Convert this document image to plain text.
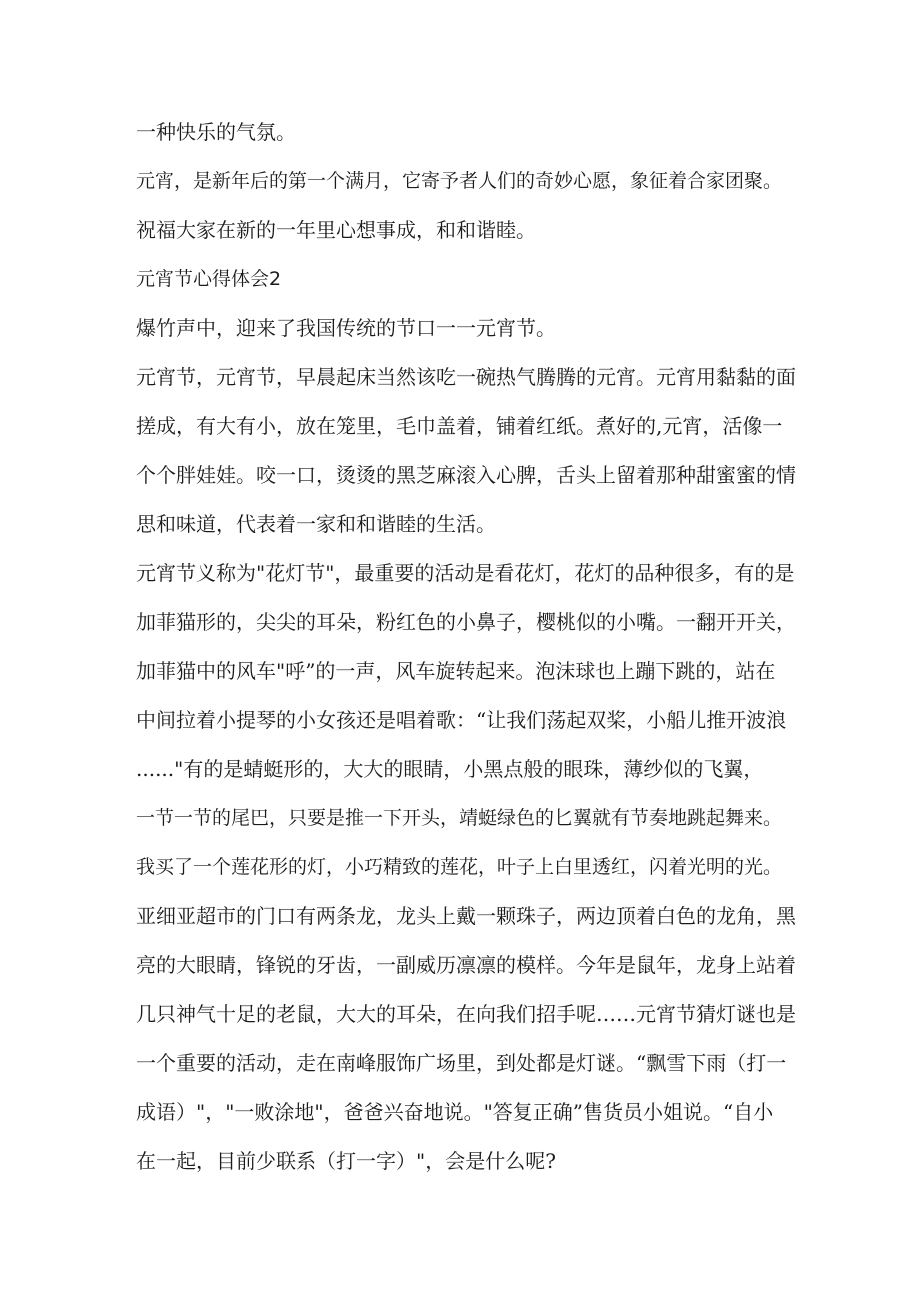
一种快乐的气氛。
元宵，是新年后的第一个满月，它寄予者人们的奇妙心愿，象征着合家团聚。
祝福大家在新的一年里心想事成，和和谐睦。
元宵节心得体会2
爆竹声中，迎来了我国传统的节口一一元宵节。
元宵节，元宵节，早晨起床当然该吃一碗热气腾腾的元宵。元宵用黏黏的面
搓成，有大有小，放在笼里，毛巾盖着，铺着红纸。煮好的,元宵，活像一
个个胖娃娃。咬一口，烫烫的黑芝麻滚入心脾，舌头上留着那种甜蜜蜜的情
思和味道，代表着一家和和谐睦的生活。
元宵节义称为"花灯节"，最重要的活动是看花灯，花灯的品种很多，有的是
加菲猫形的，尖尖的耳朵，粉红色的小鼻子，樱桃似的小嘴。一翻开开关，
加菲猫中的风车"呼”的一声，风车旋转起来。泡沫球也上蹦下跳的，站在
中间拉着小提琴的小女孩还是唱着歌：“让我们荡起双桨，小船儿推开波浪
......"有的是蜻蜓形的，大大的眼睛，小黑点般的眼珠，薄纱似的飞翼，
一节一节的尾巴，只要是推一下开头，靖蜓绿色的匕翼就有节奏地跳起舞来。
我买了一个莲花形的灯，小巧精致的莲花，叶子上白里透红，闪着光明的光。
亚细亚超市的门口有两条龙，龙头上戴一颗珠子，两边顶着白色的龙角，黑
亮的大眼睛，锋锐的牙齿，一副威历凛凛的模样。今年是鼠年，龙身上站着
几只神气十足的老鼠，大大的耳朵，在向我们招手呢……元宵节猜灯谜也是
一个重要的活动，走在南峰服饰广场里，到处都是灯谜。“飘雪下雨（打一
成语）"，"一败涂地"，爸爸兴奋地说。"答复正确”售货员小姐说。“自小
在一起，目前少联系（打一字）"，会是什么呢?
